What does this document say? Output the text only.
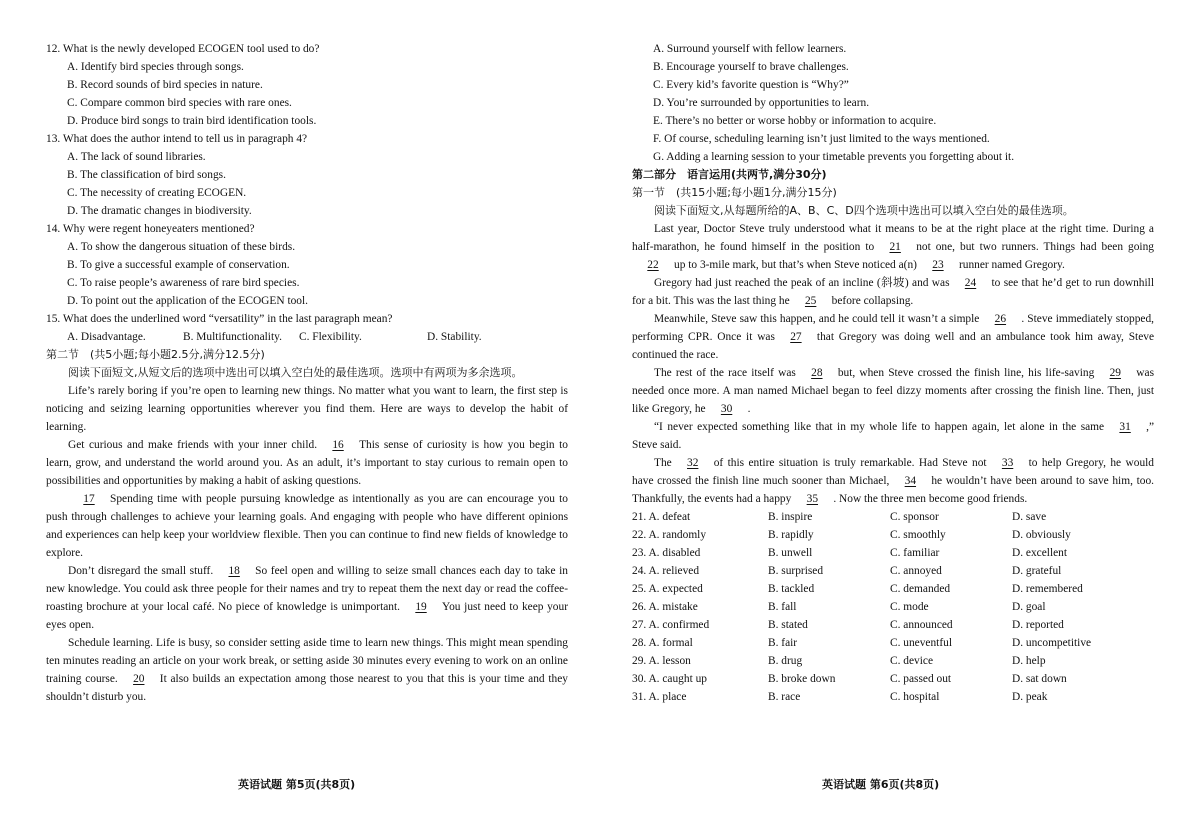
12. What is the newly developed ECOGEN tool used to do?
A. Identify bird species through songs.
B. Record sounds of bird species in nature.
C. Compare common bird species with rare ones.
D. Produce bird songs to train bird identification tools.
13. What does the author intend to tell us in paragraph 4?
A. The lack of sound libraries.
B. The classification of bird songs.
C. The necessity of creating ECOGEN.
D. The dramatic changes in biodiversity.
14. Why were regent honeyeaters mentioned?
A. To show the dangerous situation of these birds.
B. To give a successful example of conservation.
C. To raise people’s awareness of rare bird species.
D. To point out the application of the ECOGEN tool.
15. What does the underlined word “versatility” in the last paragraph mean?
A. Disadvantage.	B. Multifunctionality.	C. Flexibility.	D. Stability.
第二节　(共5小题;每小题2.5分,满分12.5分)
阅读下面短文,从短文后的选项中选出可以填入空白处的最佳选项。选项中有两项为多余选项。
Life’s rarely boring if you’re open to learning new things. No matter what you want to learn, the first step is noticing and seizing learning opportunities wherever you find them. Here are ways to develop the habit of learning.
Get curious and make friends with your inner child. 16 This sense of curiosity is how you begin to learn, grow, and understand the world around you. As an adult, it’s important to stay curious to remain open to possibilities and opportunities by making a habit of asking questions.
17 Spending time with people pursuing knowledge as intentionally as you are can encourage you to push through challenges to achieve your learning goals. And engaging with people who have different opinions and experiences can help keep your worldview flexible. Then you can continue to find new fields of knowledge to explore.
Don’t disregard the small stuff. 18 So feel open and willing to seize small chances each day to take in new knowledge. You could ask three people for their names and try to repeat them the next day or read the coffee-roasting brochure at your local café. No piece of knowledge is unimportant. 19 You just need to keep your eyes open.
Schedule learning. Life is busy, so consider setting aside time to learn new things. This might mean spending ten minutes reading an article on your work break, or setting aside 30 minutes every evening to work on an online training course. 20 It also builds an expectation among those nearest to you that this is your time and they shouldn’t disturb you.
英语试题 第5页(共8页)
A. Surround yourself with fellow learners.
B. Encourage yourself to brave challenges.
C. Every kid’s favorite question is “Why?”
D. You’re surrounded by opportunities to learn.
E. There’s no better or worse hobby or information to acquire.
F. Of course, scheduling learning isn’t just limited to the ways mentioned.
G. Adding a learning session to your timetable prevents you forgetting about it.
第二部分　语言运用(共两节,满分30分)
第一节　(共15小题;每小题1分,满分15分)
阅读下面短文,从每题所给的A、B、C、D四个选项中选出可以填入空白处的最佳选项。
Last year, Doctor Steve truly understood what it means to be at the right place at the right time. During a half-marathon, he found himself in the position to 21 not one, but two runners. Things had been going22 up to 3-mile mark, but that’s when Steve noticed a(n) 23 runner named Gregory.
Gregory had just reached the peak of an incline (斜坡) and was 24 to see that he’d get to run downhill for a bit. This was the last thing he 25 before collapsing.
Meanwhile, Steve saw this happen, and he could tell it wasn’t a simple 26 . Steve immediately stopped, performing CPR. Once it was 27 that Gregory was doing well and an ambulance took him away, Steve continued the race.
The rest of the race itself was 28 but, when Steve crossed the finish line, his life-saving 29 was needed once more. A man named Michael began to feel dizzy moments after crossing the finish line. Then, just like Gregory, he 30 .
“I never expected something like that in my whole life to happen again, let alone in the same 31 ,” Steve said.
The 32 of this entire situation is truly remarkable. Had Steve not 33 to help Gregory, he would have crossed the finish line much sooner than Michael, 34 he wouldn’t have been around to save him, too. Thankfully, the events had a happy 35 . Now the three men become good friends.
21. A. defeat	B. inspire	C. sponsor	D. save
22. A. randomly	B. rapidly	C. smoothly	D. obviously
23. A. disabled	B. unwell	C. familiar	D. excellent
24. A. relieved	B. surprised	C. annoyed	D. grateful
25. A. expected	B. tackled	C. demanded	D. remembered
26. A. mistake	B. fall	C. mode	D. goal
27. A. confirmed	B. stated	C. announced	D. reported
28. A. formal	B. fair	C. uneventful	D. uncompetitive
29. A. lesson	B. drug	C. device	D. help
30. A. caught up	B. broke down	C. passed out	D. sat down
31. A. place	B. race	C. hospital	D. peak
英语试题 第6页(共8页)
